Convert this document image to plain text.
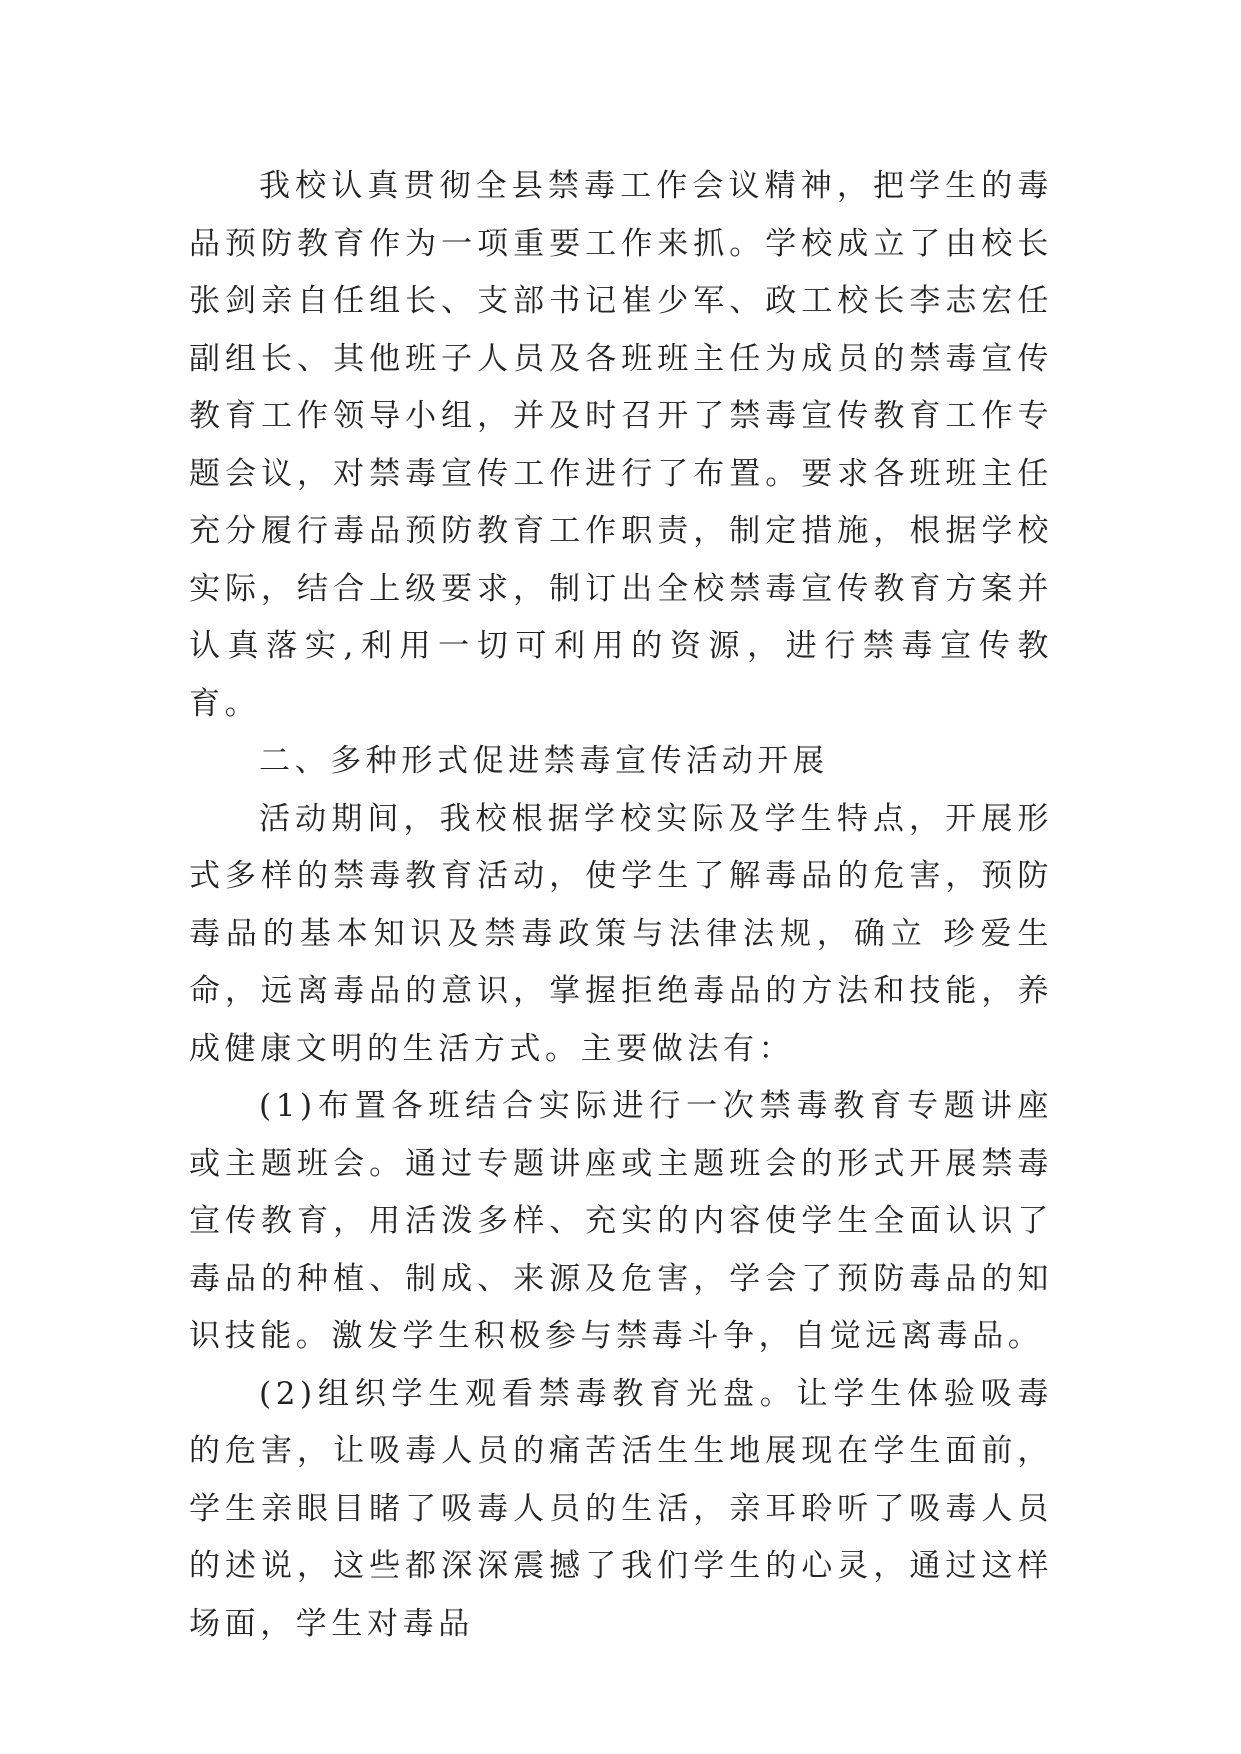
我校认真贯彻全县禁毒工作会议精神，把学生的毒品预防教育作为一项重要工作来抓。学校成立了由校长张剑亲自任组长、支部书记崔少军、政工校长李志宏任副组长、其他班子人员及各班班主任为成员的禁毒宣传教育工作领导小组，并及时召开了禁毒宣传教育工作专题会议，对禁毒宣传工作进行了布置。要求各班班主任充分履行毒品预防教育工作职责，制定措施，根据学校实际，结合上级要求，制订出全校禁毒宣传教育方案并认真落实,利用一切可利用的资源，进行禁毒宣传教育。

二、多种形式促进禁毒宣传活动开展

活动期间，我校根据学校实际及学生特点，开展形式多样的禁毒教育活动，使学生了解毒品的危害，预防毒品的基本知识及禁毒政策与法律法规，确立 珍爱生命，远离毒品的意识，掌握拒绝毒品的方法和技能，养成健康文明的生活方式。主要做法有：

(1)布置各班结合实际进行一次禁毒教育专题讲座或主题班会。通过专题讲座或主题班会的形式开展禁毒宣传教育，用活泼多样、充实的内容使学生全面认识了毒品的种植、制成、来源及危害，学会了预防毒品的知识技能。激发学生积极参与禁毒斗争，自觉远离毒品。

(2)组织学生观看禁毒教育光盘。让学生体验吸毒的危害，让吸毒人员的痛苦活生生地展现在学生面前，学生亲眼目睹了吸毒人员的生活，亲耳聆听了吸毒人员的述说，这些都深深震撼了我们学生的心灵，通过这样场面，学生对毒品
